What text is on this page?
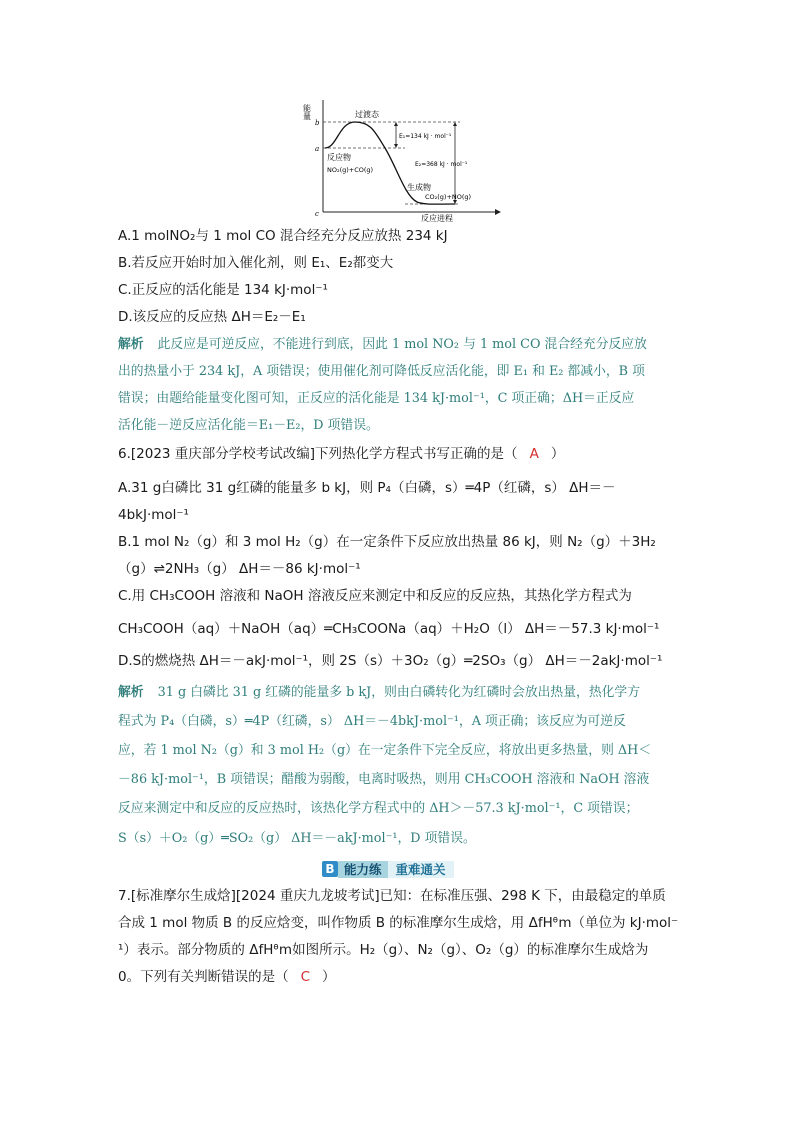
能量
b
a
c
过渡态
E₁=134 kJ · mol⁻¹
E₂=368 kJ · mol⁻¹
反应物
NO₂(g)+CO(g)
生成物
CO₂(g)+NO(g)
反应进程
A.1 molNO₂与 1 mol CO 混合经充分反应放热 234 kJ
B.若反应开始时加入催化剂，则 E₁、E₂都变大
C.正反应的活化能是 134 kJ·mol⁻¹
D.该反应的反应热 ΔH＝E₂－E₁
解析 此反应是可逆反应，不能进行到底，因此 1 mol NO₂ 与 1 mol CO 混合经充分反应放
出的热量小于 234 kJ，A 项错误；使用催化剂可降低反应活化能，即 E₁ 和 E₂ 都减小，B 项
错误；由题给能量变化图可知，正反应的活化能是 134 kJ·mol⁻¹，C 项正确；ΔH＝正反应
活化能－逆反应活化能＝E₁－E₂，D 项错误。
6.[2023 重庆部分学校考试改编]下列热化学方程式书写正确的是（ A ）
A.31 g白磷比 31 g红磷的能量多 b kJ，则 P₄（白磷，s）═4P（红磷，s） ΔH＝－
4bkJ·mol⁻¹
B.1 mol N₂（g）和 3 mol H₂（g）在一定条件下反应放出热量 86 kJ，则 N₂（g）＋3H₂
（g）⇌2NH₃（g） ΔH＝－86 kJ·mol⁻¹
C.用 CH₃COOH 溶液和 NaOH 溶液反应来测定中和反应的反应热，其热化学方程式为
CH₃COOH（aq）＋NaOH（aq）═CH₃COONa（aq）＋H₂O（l） ΔH＝－57.3 kJ·mol⁻¹
D.S的燃烧热 ΔH＝－akJ·mol⁻¹，则 2S（s）＋3O₂（g）═2SO₃（g） ΔH＝－2akJ·mol⁻¹
解析 31 g 白磷比 31 g 红磷的能量多 b kJ，则由白磷转化为红磷时会放出热量，热化学方
程式为 P₄（白磷，s）═4P（红磷，s） ΔH＝－4bkJ·mol⁻¹，A 项正确；该反应为可逆反
应，若 1 mol N₂（g）和 3 mol H₂（g）在一定条件下完全反应，将放出更多热量，则 ΔH＜
－86 kJ·mol⁻¹，B 项错误；醋酸为弱酸，电离时吸热，则用 CH₃COOH 溶液和 NaOH 溶液
反应来测定中和反应的反应热时，该热化学方程式中的 ΔH＞－57.3 kJ·mol⁻¹，C 项错误；
S（s）＋O₂（g）═SO₂（g） ΔH＝－akJ·mol⁻¹，D 项错误。
B 能力练	重难通关
7.[标准摩尔生成焓][2024 重庆九龙坡考试]已知：在标准压强、298 K 下，由最稳定的单质
合成 1 mol 物质 B 的反应焓变，叫作物质 B 的标准摩尔生成焓，用 ΔfHᶿm（单位为 kJ·mol⁻
¹）表示。部分物质的 ΔfHᶿm如图所示。H₂（g）、N₂（g）、O₂（g）的标准摩尔生成焓为
0。下列有关判断错误的是（ C ）
